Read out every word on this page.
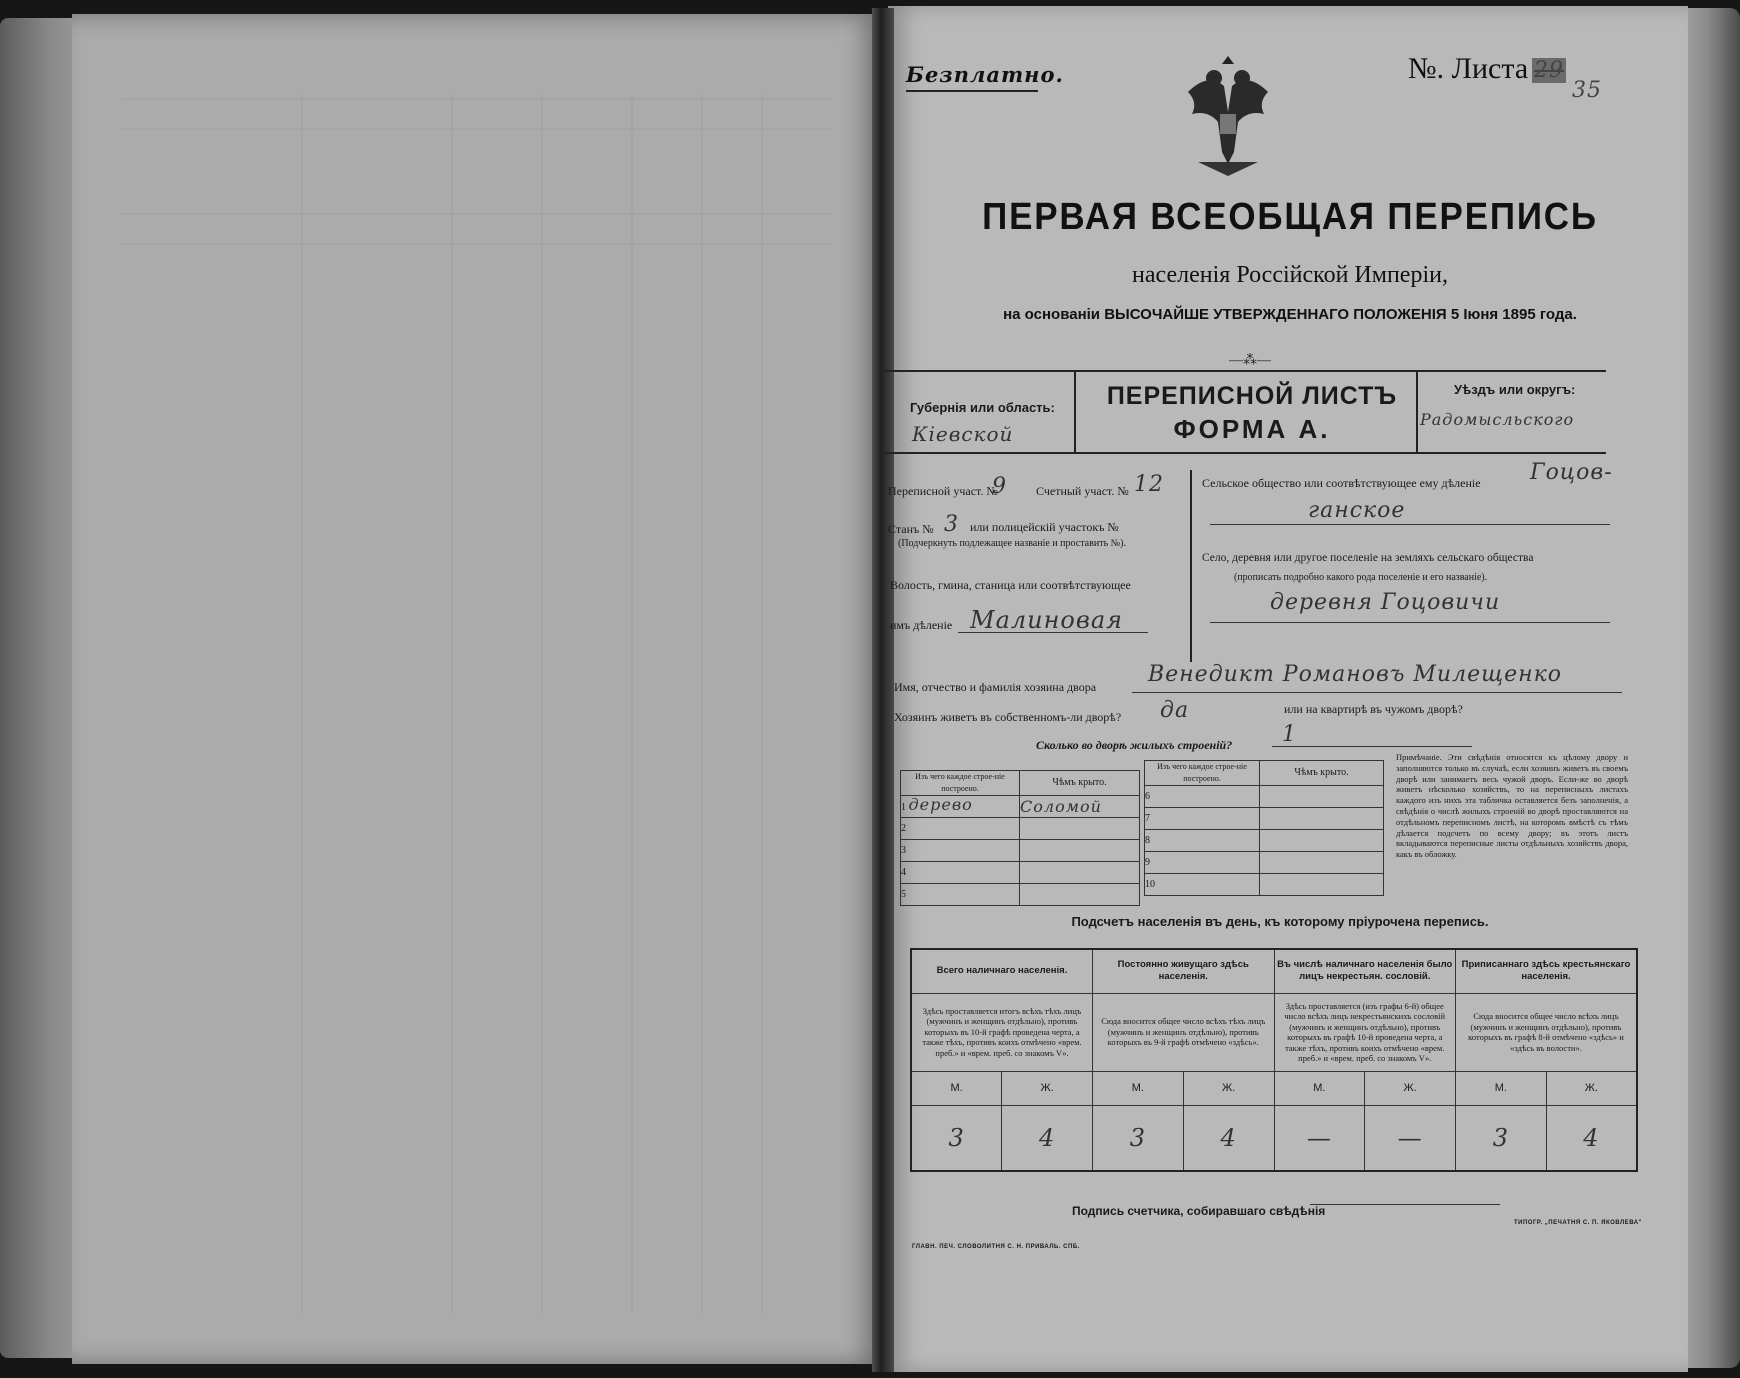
Безплатно.	№. Листа 29
35
ПЕРВАЯ ВСЕОБЩАЯ ПЕРЕПИСЬ
населенія Россійской Имперіи,
на основаніи ВЫСОЧАЙШЕ УТВЕРЖДЕННАГО ПОЛОЖЕНІЯ 5 Іюня 1895 года.
—⁂—
Губернія или область:
Кіевской
ПЕРЕПИСНОЙ ЛИСТЪ
ФОРМА А.
Уѣздъ или округъ:
Радомысльского
Переписной участ. №
9 Счетный участ. № 12
Станъ № 3 или полицейскій участокъ №
(Подчеркнуть подлежащее названіе и проставить №).
Волость, гмина, станица или соотвѣтствующее
имъ дѣленіе Малиновая
Сельское общество или соотвѣтствующее ему дѣленіе Гоцов-
ганское
Село, деревня или другое поселеніе на земляхъ сельскаго общества
(прописать подробно какого рода поселеніе и его названіе).
деревня Гоцовичи
Имя, отчество и фамилія хозяина двора Венедикт Романовъ Милещенко
Хозяинъ живетъ въ собственномъ-ли дворѣ? да	или на квартирѣ въ чужомъ дворѣ?
Сколько во дворѣ жилыхъ строеній? 1
Изъ чего каждое строе-ніе построено.	Чѣмъ крыто.
1 дерево	Соломой
2	
3	
4	
5	
Изъ чего каждое строе-ніе построено.	Чѣмъ крыто.
6	
7	
8	
9	
10	
Примѣчаніе. Эти свѣдѣнія относятся къ цѣлому двору и заполняются только въ случаѣ, если хозяинъ живетъ въ своемъ дворѣ или занимаетъ весь чужой дворъ. Если-же во дворѣ живетъ нѣсколько хозяйствъ, то на переписныхъ листахъ каждого изъ нихъ эта табличка оставляется безъ заполненія, а свѣдѣнія о числѣ жилыхъ строеній во дворѣ проставляются на отдѣльномъ переписномъ листѣ, на которомъ вмѣстѣ съ тѣмъ дѣлается подсчетъ по всему двору; въ этотъ листъ вкладываются переписные листы отдѣльныхъ хозяйствъ двора, какъ въ обложку.
Подсчетъ населенія въ день, къ которому пріурочена перепись.
Всего наличнаго населенія.		Постоянно живущаго здѣсь населенія.		Въ числѣ наличнаго населенія было лицъ некрестьян. сословій.		Приписаннаго здѣсь крестьянскаго населенія.	
Здѣсь проставляется итогъ всѣхъ тѣхъ лицъ (мужчинъ и женщинъ отдѣльно), противъ которыхъ въ 10-й графѣ проведена черта, а также тѣхъ, противъ коихъ отмѣчено «врем. преб.» и «врем. преб. со знакомъ V».		Сюда вносится общее число всѣхъ тѣхъ лицъ (мужчинъ и женщинъ отдѣльно), противъ которыхъ въ 9-й графѣ отмѣчено «здѣсь».		Здѣсь проставляется (изъ графы 6-й) общее число всѣхъ лицъ некрестьянскихъ сословій (мужчинъ и женщинъ отдѣльно), противъ которыхъ въ графѣ 10-й проведена черта, а также тѣхъ, противъ коихъ отмѣчено «врем. преб.» и «врем. преб. со знакомъ V».		Сюда вносится общее число всѣхъ лицъ (мужчинъ и женщинъ отдѣльно), противъ которыхъ въ графѣ 8-й отмѣчено «здѣсь» и «здѣсь въ волости».	
М.	Ж.	М.	Ж.	М.	Ж.	М.	Ж.
3	4	3	4	—	—	3	4
Подпись счетчика, собиравшаго свѣдѣнія
ГЛАВН. ПЕЧ. СЛОВОЛИТНЯ С. Н. ПРИВАЛЬ. СПБ.
ТИПОГР. „ПЕЧАТНЯ С. П. ЯКОВЛЕВА"
